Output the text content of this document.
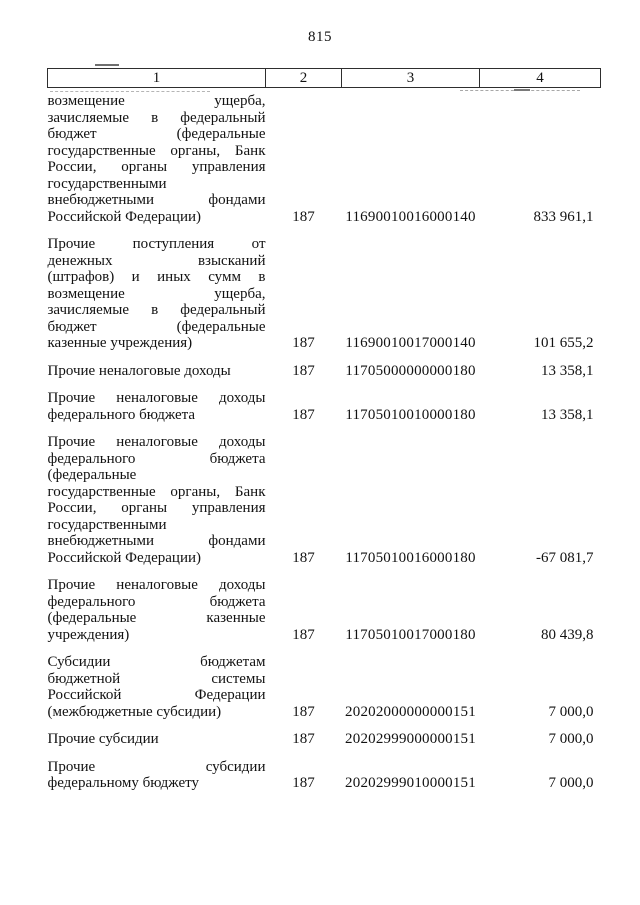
815
1	2	3	4

возмещение ущерба,
зачисляемые в федеральный
бюджет (федеральные
государственные органы, Банк
России, органы управления
государственными
внебюджетными фондами
Российской Федерации)	187	11690010016000140	833 961,1

Прочие поступления от
денежных взысканий
(штрафов) и иных сумм в
возмещение ущерба,
зачисляемые в федеральный
бюджет (федеральные
казенные учреждения)	187	11690010017000140	101 655,2

Прочие неналоговые доходы	187	11705000000000180	13 358,1

Прочие неналоговые доходы
федерального бюджета	187	11705010010000180	13 358,1

Прочие неналоговые доходы
федерального бюджета
(федеральные
государственные органы, Банк
России, органы управления
государственными
внебюджетными фондами
Российской Федерации)	187	11705010016000180	-67 081,7

Прочие неналоговые доходы
федерального бюджета
(федеральные казенные
учреждения)	187	11705010017000180	80 439,8

Субсидии бюджетам
бюджетной системы
Российской Федерации
(межбюджетные субсидии)	187	20202000000000151	7 000,0

Прочие субсидии	187	20202999000000151	7 000,0

Прочие субсидии
федеральному бюджету	187	20202999010000151	7 000,0
